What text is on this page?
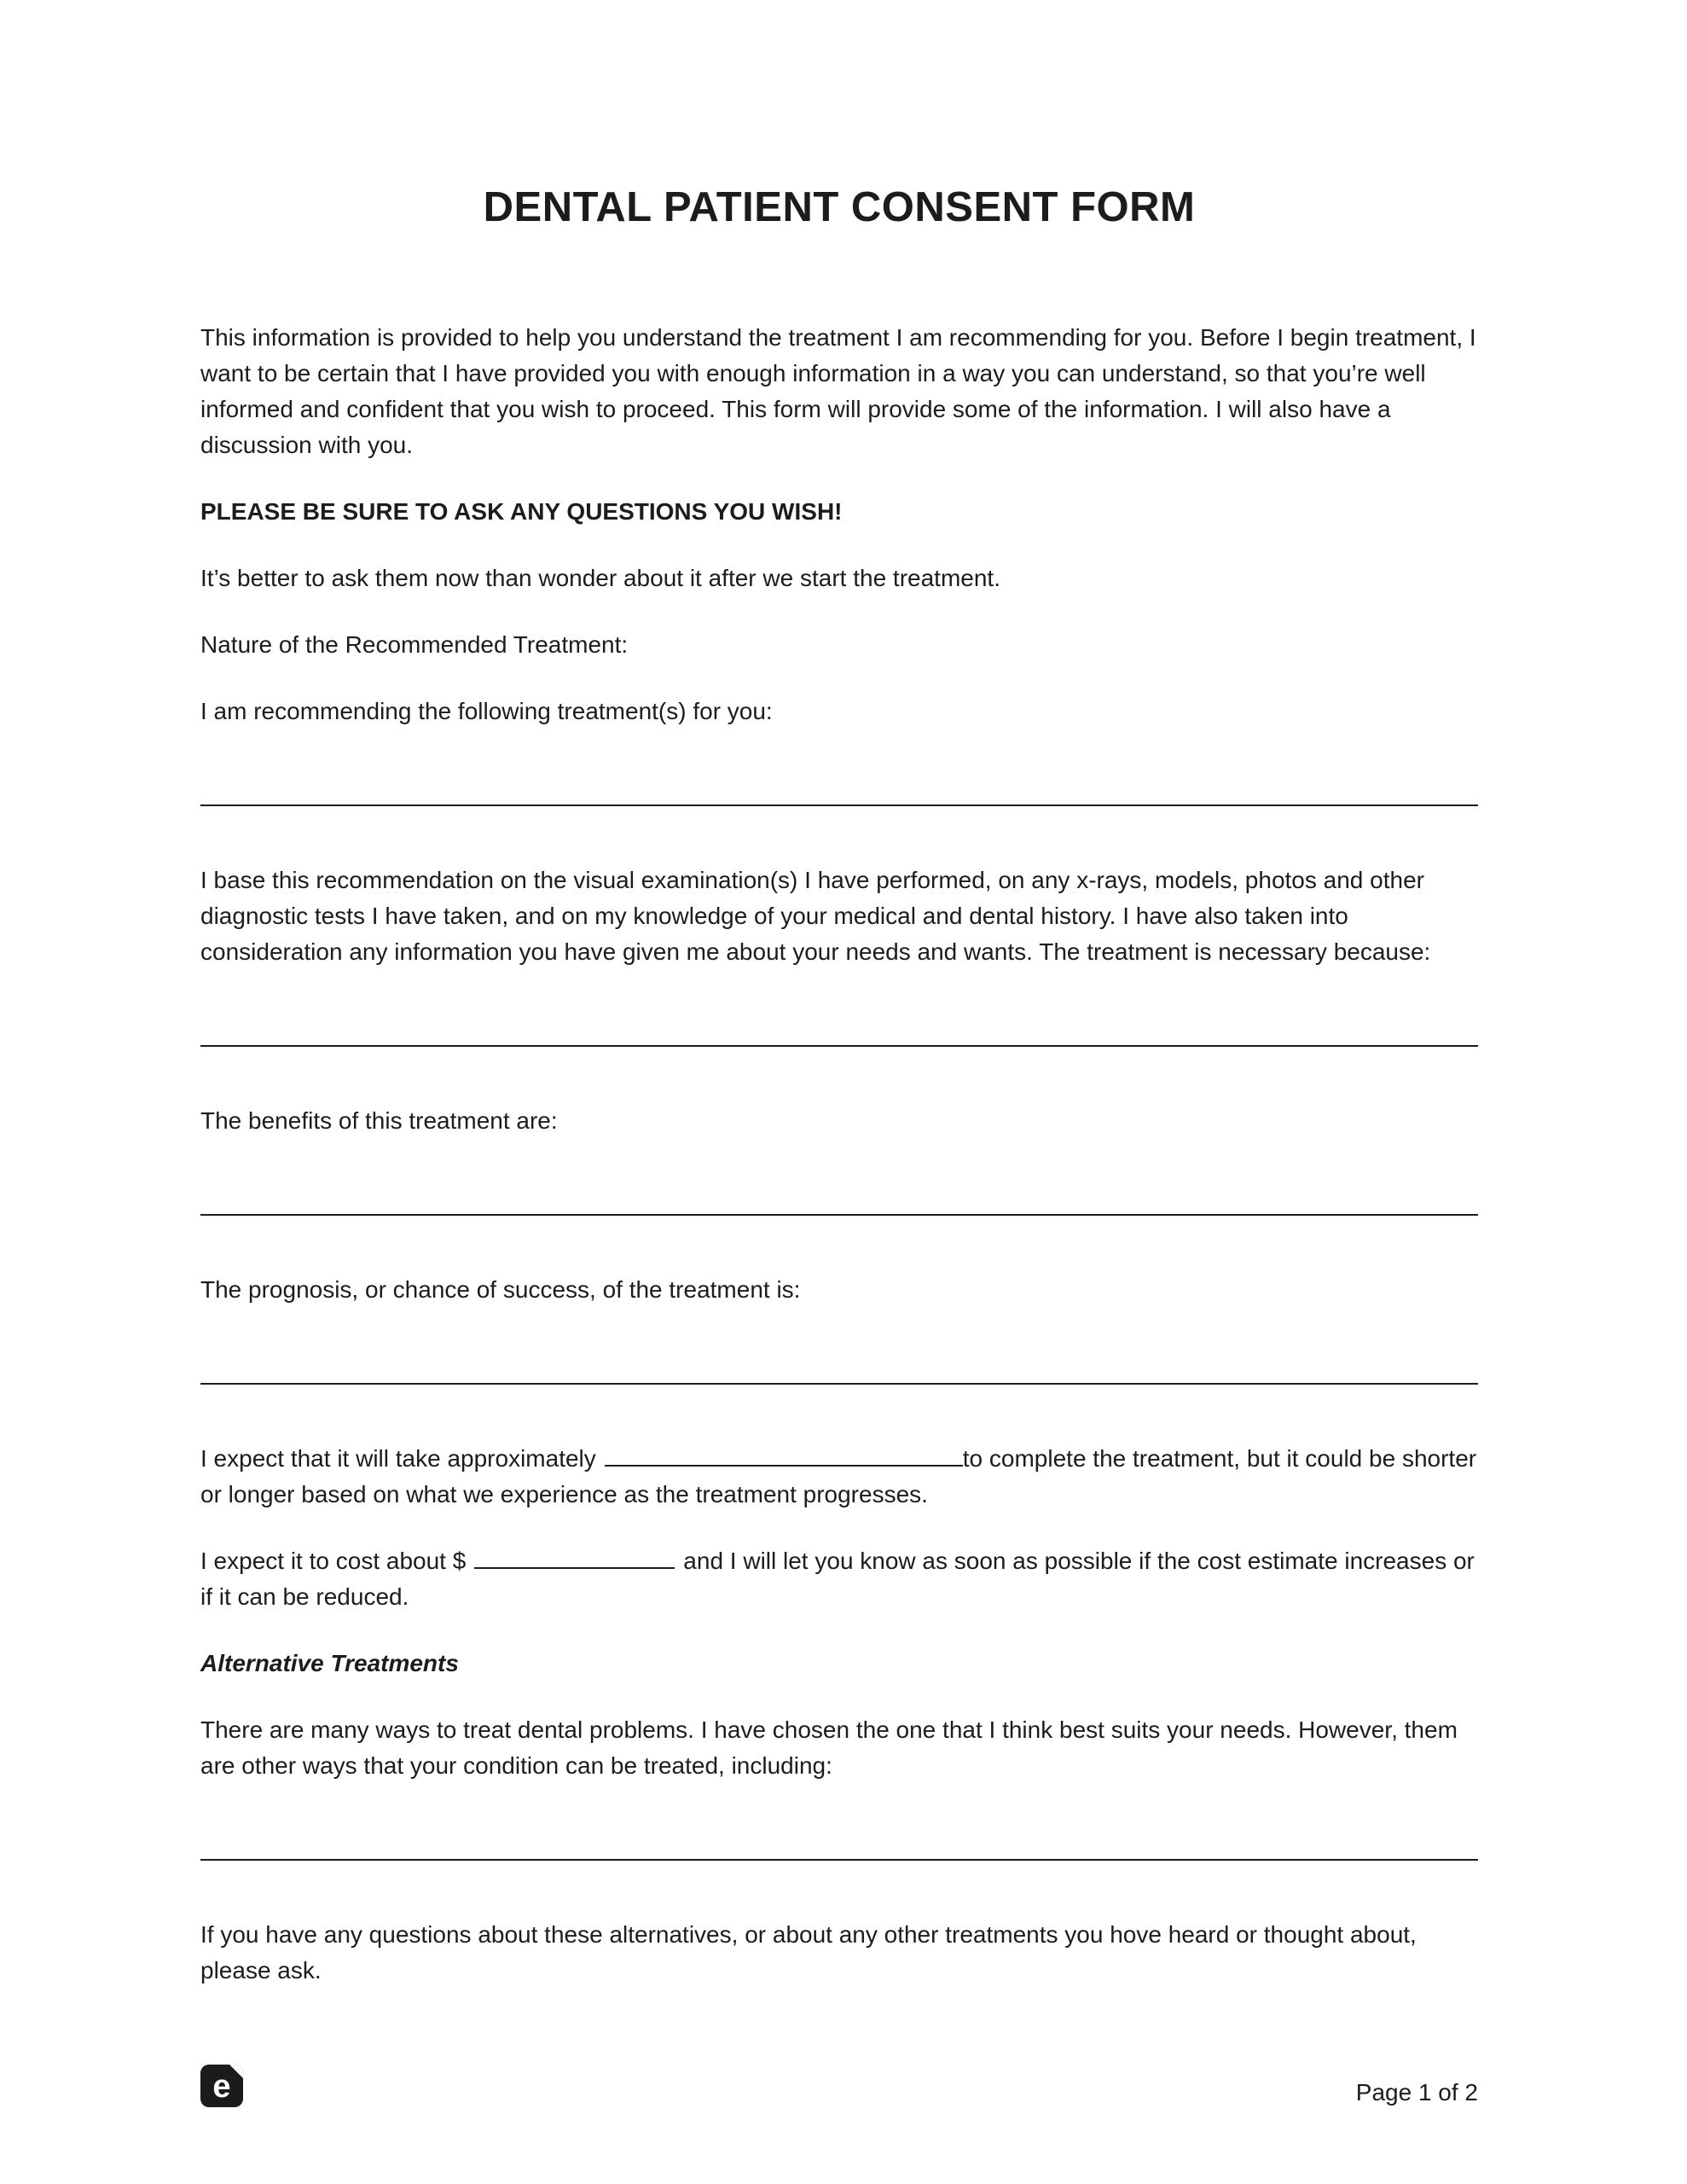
DENTAL PATIENT CONSENT FORM

This information is provided to help you understand the treatment I am recommending for you. Before I begin treatment, I want to be certain that I have provided you with enough information in a way you can understand, so that you’re well informed and confident that you wish to proceed. This form will provide some of the information. I will also have a discussion with you.

PLEASE BE SURE TO ASK ANY QUESTIONS YOU WISH!

It’s better to ask them now than wonder about it after we start the treatment.

Nature of the Recommended Treatment:

I am recommending the following treatment(s) for you:

I base this recommendation on the visual examination(s) I have performed, on any x-rays, models, photos and other diagnostic tests I have taken, and on my knowledge of your medical and dental history. I have also taken into consideration any information you have given me about your needs and wants. The treatment is necessary because:

The benefits of this treatment are:

The prognosis, or chance of success, of the treatment is:

I expect that it will take approximately	to complete the treatment, but it could be shorter or longer based on what we experience as the treatment progresses.

I expect it to cost about $	and I will let you know as soon as possible if the cost estimate increases or if it can be reduced.

Alternative Treatments

There are many ways to treat dental problems. I have chosen the one that I think best suits your needs. However, them are other ways that your condition can be treated, including:

If you have any questions about these alternatives, or about any other treatments you hove heard or thought about, please ask.

e	Page 1 of 2
